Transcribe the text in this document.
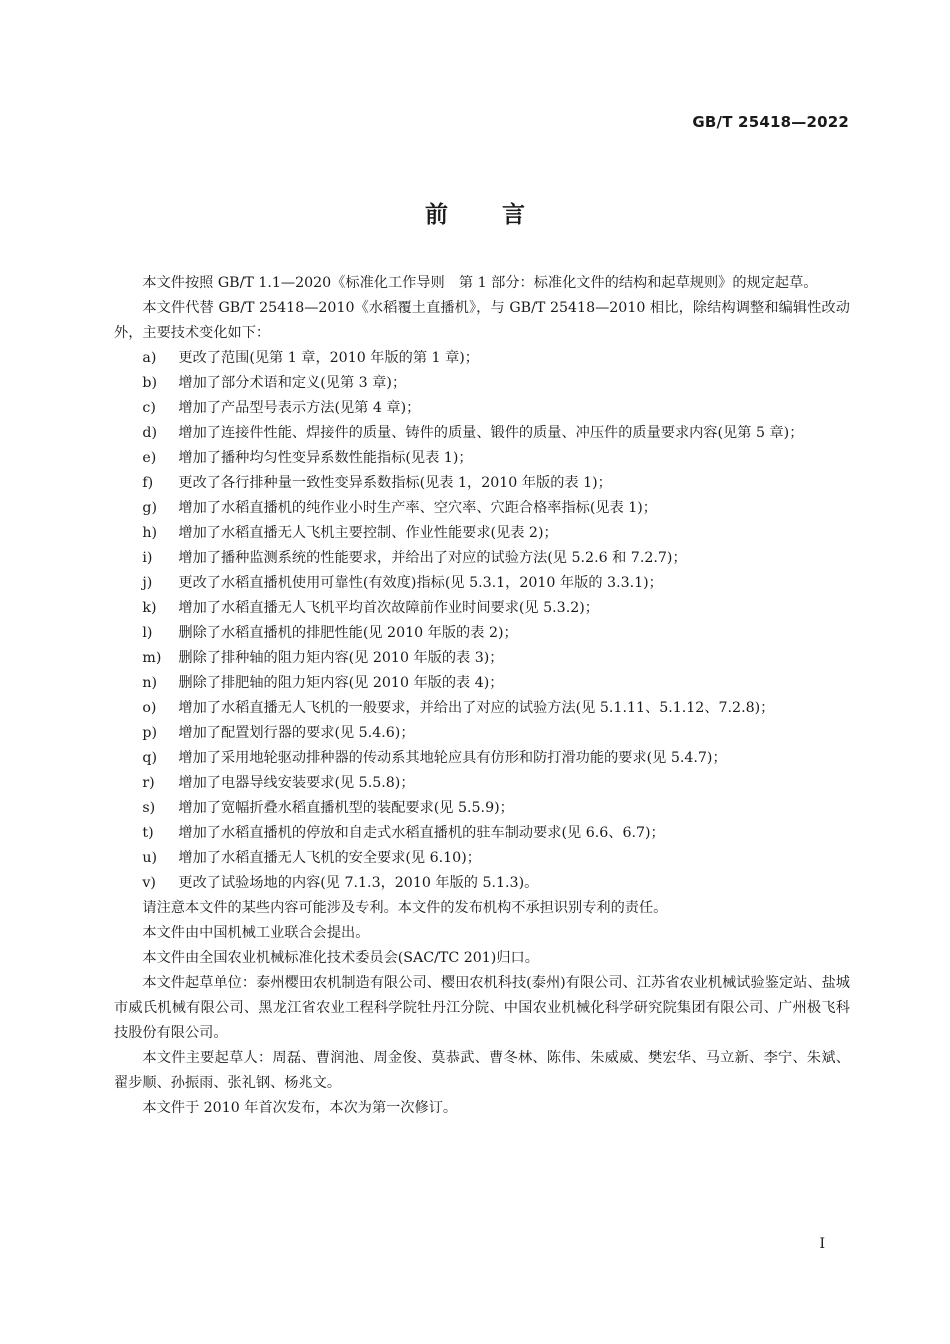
GB/T 25418—2022
前 言
本文件按照 GB/T 1.1—2020《标准化工作导则　第 1 部分：标准化文件的结构和起草规则》的规定起草。
本文件代替 GB/T 25418—2010《水稻覆土直播机》，与 GB/T 25418—2010 相比，除结构调整和编辑性改动外，主要技术变化如下：
a)	更改了范围(见第 1 章，2010 年版的第 1 章)；
b)	增加了部分术语和定义(见第 3 章)；
c)	增加了产品型号表示方法(见第 4 章)；
d)	增加了连接件性能、焊接件的质量、铸件的质量、锻件的质量、冲压件的质量要求内容(见第 5 章)；
e)	增加了播种均匀性变异系数性能指标(见表 1)；
f)	更改了各行排种量一致性变异系数指标(见表 1，2010 年版的表 1)；
g)	增加了水稻直播机的纯作业小时生产率、空穴率、穴距合格率指标(见表 1)；
h)	增加了水稻直播无人飞机主要控制、作业性能要求(见表 2)；
i)	增加了播种监测系统的性能要求，并给出了对应的试验方法(见 5.2.6 和 7.2.7)；
j)	更改了水稻直播机使用可靠性(有效度)指标(见 5.3.1，2010 年版的 3.3.1)；
k)	增加了水稻直播无人飞机平均首次故障前作业时间要求(见 5.3.2)；
l)	删除了水稻直播机的排肥性能(见 2010 年版的表 2)；
m)	删除了排种轴的阻力矩内容(见 2010 年版的表 3)；
n)	删除了排肥轴的阻力矩内容(见 2010 年版的表 4)；
o)	增加了水稻直播无人飞机的一般要求，并给出了对应的试验方法(见 5.1.11、5.1.12、7.2.8)；
p)	增加了配置划行器的要求(见 5.4.6)；
q)	增加了采用地轮驱动排种器的传动系其地轮应具有仿形和防打滑功能的要求(见 5.4.7)；
r)	增加了电器导线安装要求(见 5.5.8)；
s)	增加了宽幅折叠水稻直播机型的装配要求(见 5.5.9)；
t)	增加了水稻直播机的停放和自走式水稻直播机的驻车制动要求(见 6.6、6.7)；
u)	增加了水稻直播无人飞机的安全要求(见 6.10)；
v)	更改了试验场地的内容(见 7.1.3，2010 年版的 5.1.3)。
请注意本文件的某些内容可能涉及专利。本文件的发布机构不承担识别专利的责任。
本文件由中国机械工业联合会提出。
本文件由全国农业机械标准化技术委员会(SAC/TC 201)归口。
本文件起草单位：泰州樱田农机制造有限公司、樱田农机科技(泰州)有限公司、江苏省农业机械试验鉴定站、盐城市威氏机械有限公司、黑龙江省农业工程科学院牡丹江分院、中国农业机械化科学研究院集团有限公司、广州极飞科技股份有限公司。
本文件主要起草人：周磊、曹润池、周金俊、莫恭武、曹冬林、陈伟、朱威威、樊宏华、马立新、李宁、朱斌、翟步顺、孙振雨、张礼钢、杨兆文。
本文件于 2010 年首次发布，本次为第一次修订。
I
